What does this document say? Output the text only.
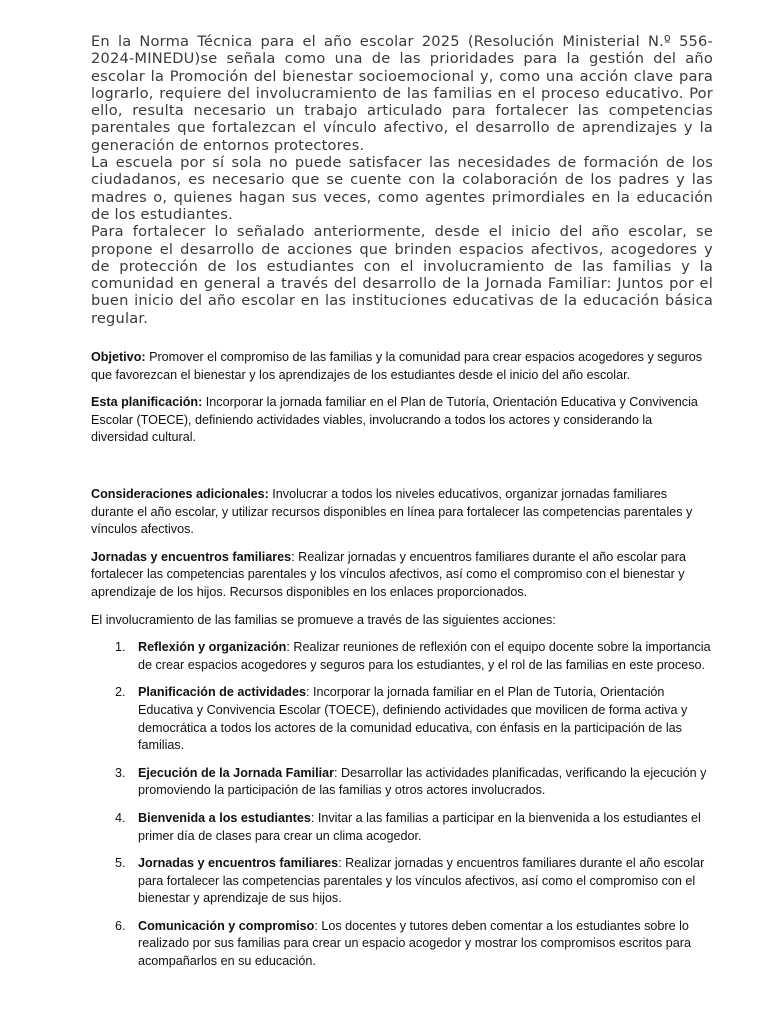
En la Norma Técnica para el año escolar 2025 (Resolución Ministerial N.º 556-2024-MINEDU)se señala como una de las prioridades para la gestión del año escolar la Promoción del bienestar socioemocional y, como una acción clave para lograrlo, requiere del involucramiento de las familias en el proceso educativo. Por ello, resulta necesario un trabajo articulado para fortalecer las competencias parentales que fortalezcan el vínculo afectivo, el desarrollo de aprendizajes y la generación de entornos protectores.

La escuela por sí sola no puede satisfacer las necesidades de formación de los ciudadanos, es necesario que se cuente con la colaboración de los padres y las madres o, quienes hagan sus veces, como agentes primordiales en la educación de los estudiantes.

Para fortalecer lo señalado anteriormente, desde el inicio del año escolar, se propone el desarrollo de acciones que brinden espacios afectivos, acogedores y de protección de los estudiantes con el involucramiento de las familias y la comunidad en general a través del desarrollo de la Jornada Familiar: Juntos por el buen inicio del año escolar en las instituciones educativas de la educación básica regular.

Objetivo: Promover el compromiso de las familias y la comunidad para crear espacios acogedores y seguros que favorezcan el bienestar y los aprendizajes de los estudiantes desde el inicio del año escolar.

Esta planificación: Incorporar la jornada familiar en el Plan de Tutoría, Orientación Educativa y Convivencia Escolar (TOECE), definiendo actividades viables, involucrando a todos los actores y considerando la diversidad cultural.

Consideraciones adicionales: Involucrar a todos los niveles educativos, organizar jornadas familiares durante el año escolar, y utilizar recursos disponibles en línea para fortalecer las competencias parentales y vínculos afectivos.

Jornadas y encuentros familiares: Realizar jornadas y encuentros familiares durante el año escolar para fortalecer las competencias parentales y los vínculos afectivos, así como el compromiso con el bienestar y aprendizaje de los hijos. Recursos disponibles en los enlaces proporcionados.

El involucramiento de las familias se promueve a través de las siguientes acciones:

1. Reflexión y organización: Realizar reuniones de reflexión con el equipo docente sobre la importancia de crear espacios acogedores y seguros para los estudiantes, y el rol de las familias en este proceso.
2. Planificación de actividades: Incorporar la jornada familiar en el Plan de Tutoría, Orientación Educativa y Convivencia Escolar (TOECE), definiendo actividades que movilicen de forma activa y democrática a todos los actores de la comunidad educativa, con énfasis en la participación de las familias.
3. Ejecución de la Jornada Familiar: Desarrollar las actividades planificadas, verificando la ejecución y promoviendo la participación de las familias y otros actores involucrados.
4. Bienvenida a los estudiantes: Invitar a las familias a participar en la bienvenida a los estudiantes el primer día de clases para crear un clima acogedor.
5. Jornadas y encuentros familiares: Realizar jornadas y encuentros familiares durante el año escolar para fortalecer las competencias parentales y los vínculos afectivos, así como el compromiso con el bienestar y aprendizaje de sus hijos.
6. Comunicación y compromiso: Los docentes y tutores deben comentar a los estudiantes sobre lo realizado por sus familias para crear un espacio acogedor y mostrar los compromisos escritos para acompañarlos en su educación.
